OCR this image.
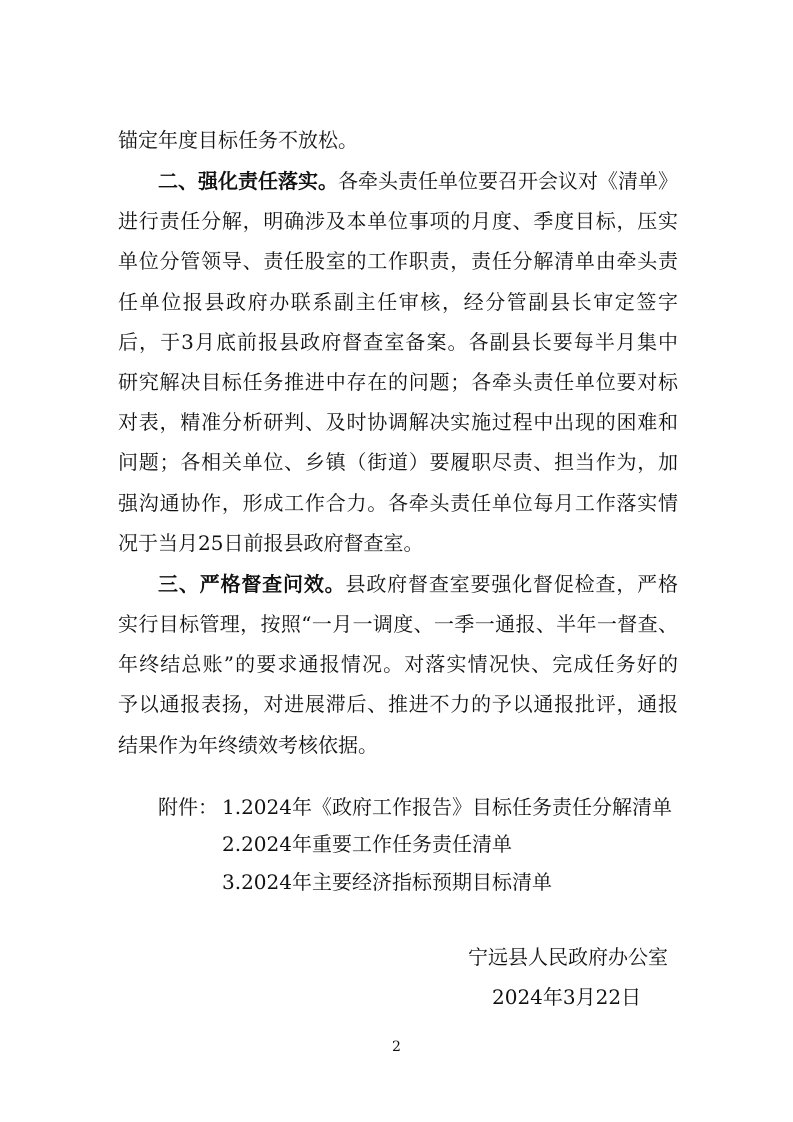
锚定年度目标任务不放松。
二、强化责任落实。各牵头责任单位要召开会议对《清单》
进行责任分解，明确涉及本单位事项的月度、季度目标，压实
单位分管领导、责任股室的工作职责，责任分解清单由牵头责
任单位报县政府办联系副主任审核，经分管副县长审定签字
后，于3月底前报县政府督查室备案。各副县长要每半月集中
研究解决目标任务推进中存在的问题；各牵头责任单位要对标
对表，精准分析研判、及时协调解决实施过程中出现的困难和
问题；各相关单位、乡镇（街道）要履职尽责、担当作为，加
强沟通协作，形成工作合力。各牵头责任单位每月工作落实情
况于当月25日前报县政府督查室。
三、严格督查问效。县政府督查室要强化督促检查，严格
实行目标管理，按照“一月一调度、一季一通报、半年一督查、
年终结总账”的要求通报情况。对落实情况快、完成任务好的
予以通报表扬，对进展滞后、推进不力的予以通报批评，通报
结果作为年终绩效考核依据。
附件： 1.2024年《政府工作报告》目标任务责任分解清单
2.2024年重要工作任务责任清单
3.2024年主要经济指标预期目标清单
宁远县人民政府办公室
2024年3月22日
2
